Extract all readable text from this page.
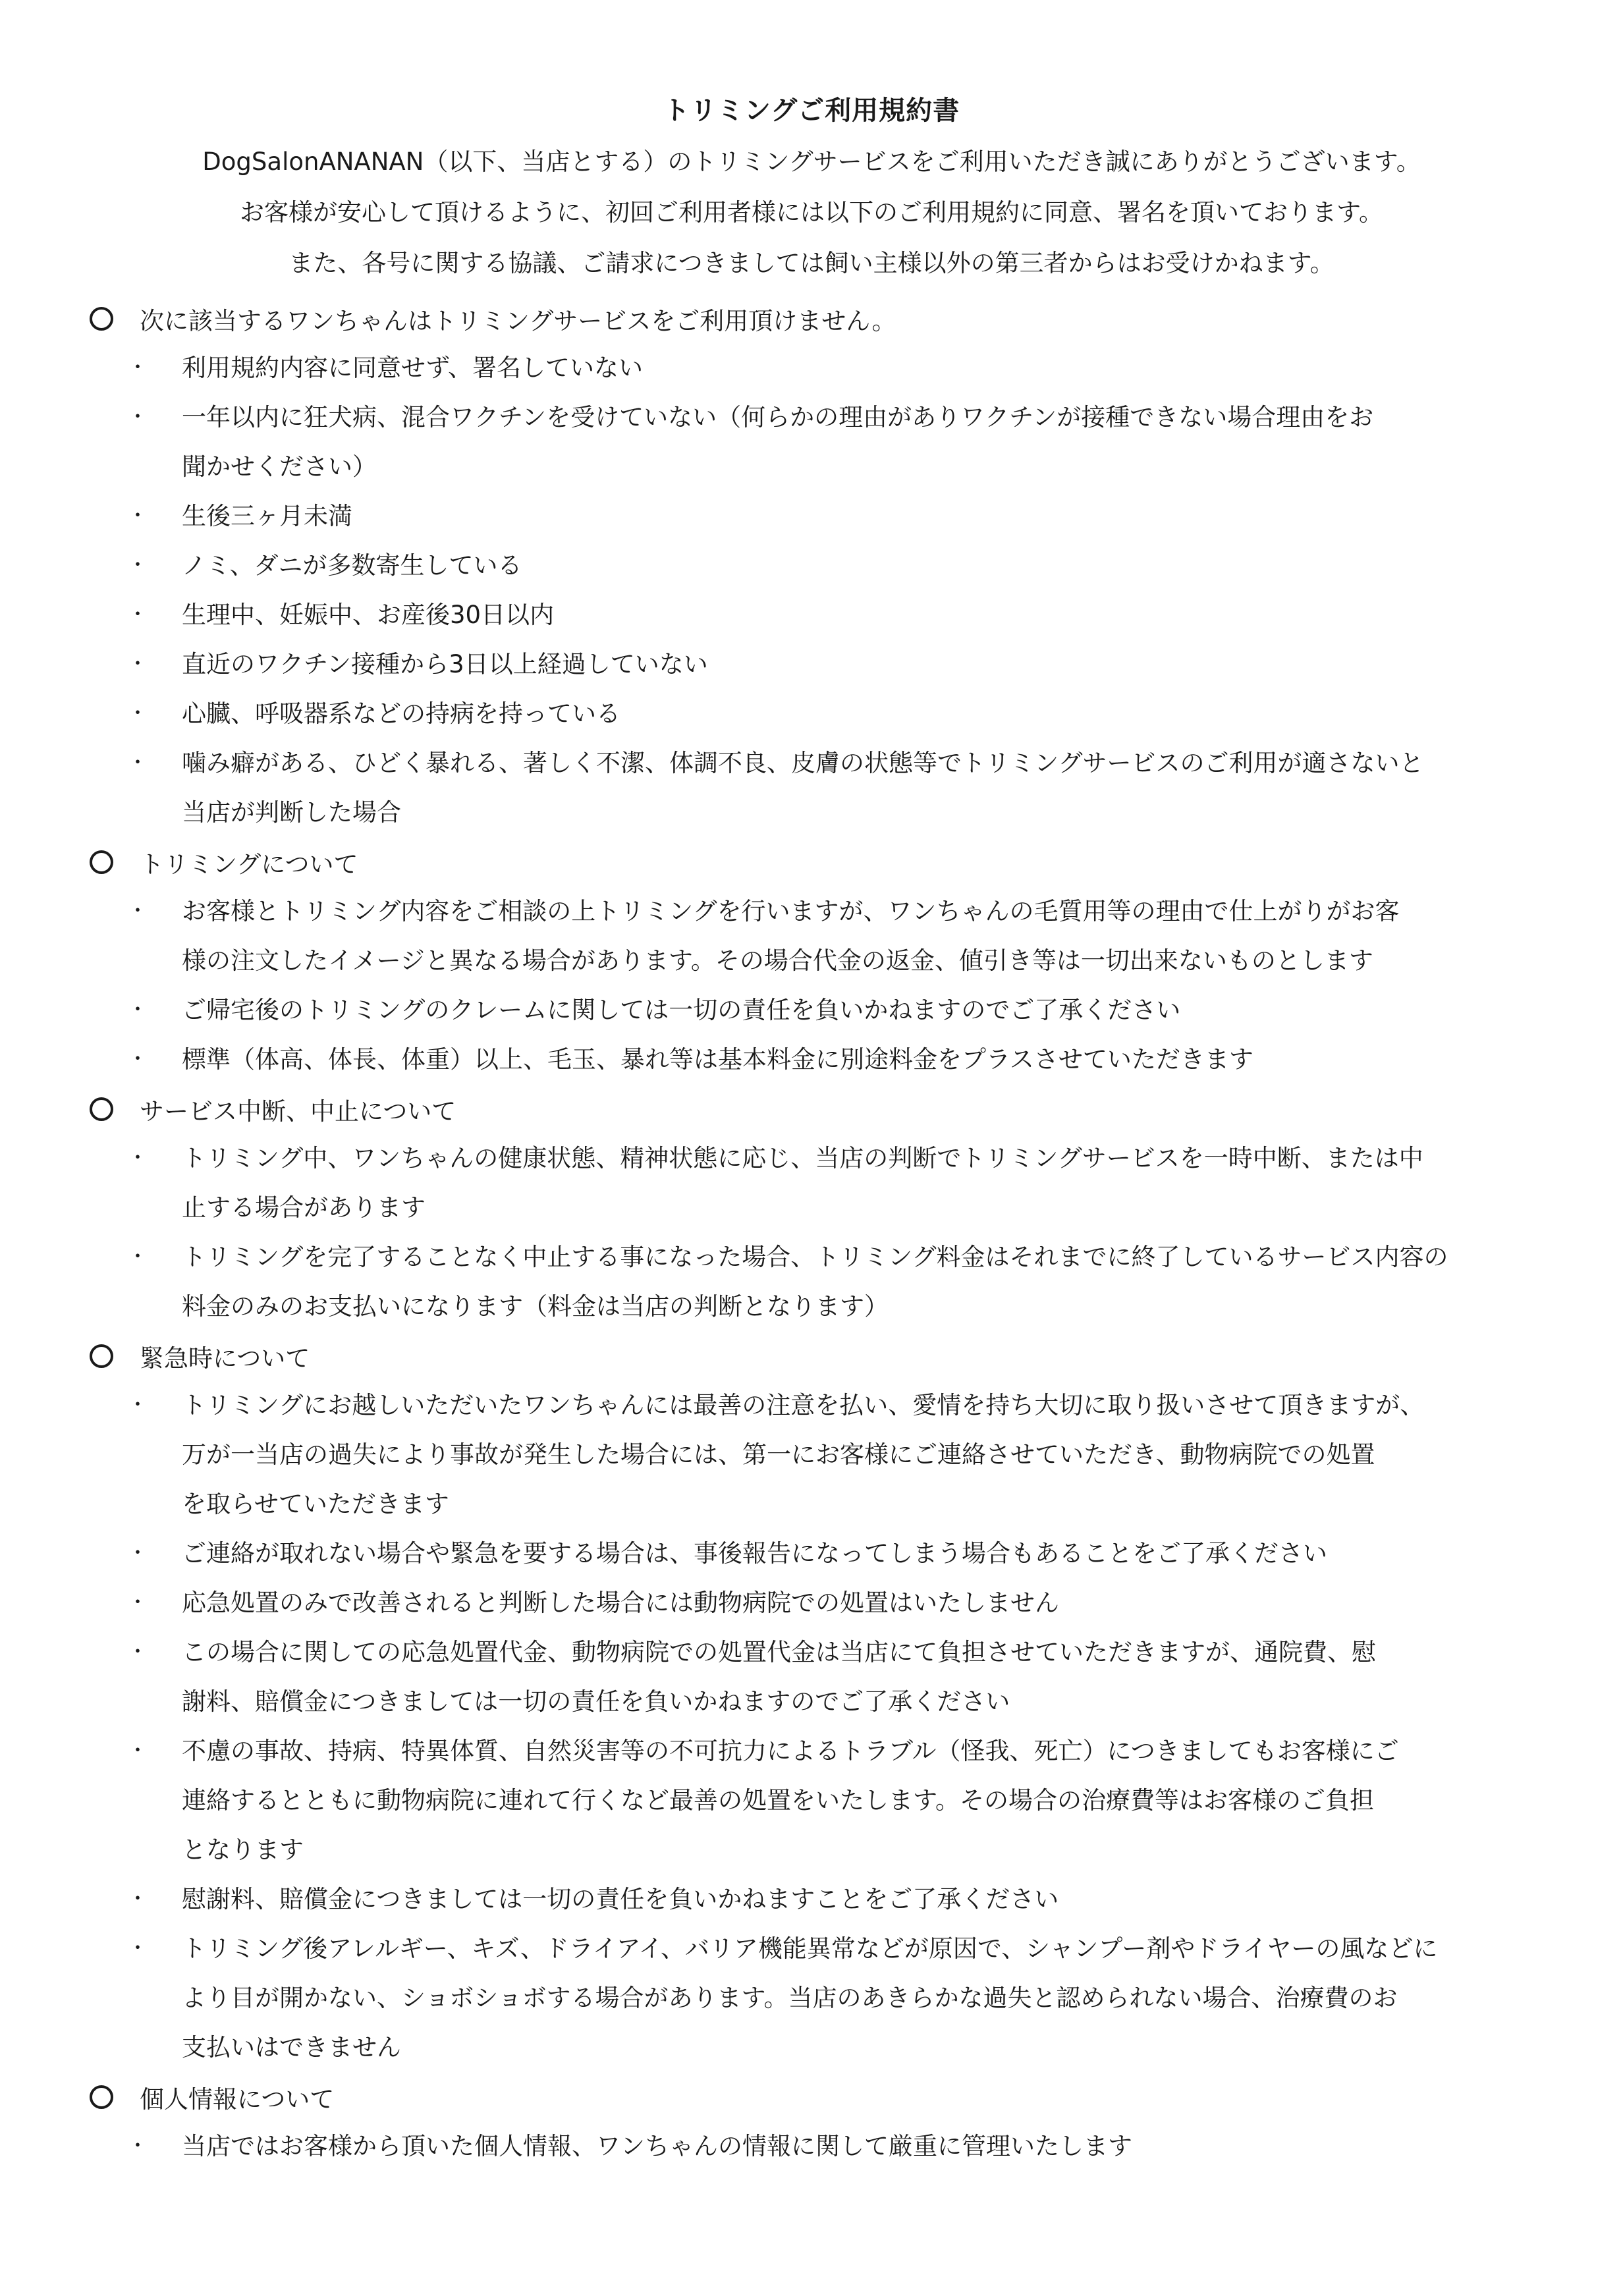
トリミングご利用規約書
DogSalonANANAN（以下、当店とする）のトリミングサービスをご利用いただき誠にありがとうございます。
お客様が安心して頂けるように、初回ご利用者様には以下のご利用規約に同意、署名を頂いております。
また、各号に関する協議、ご請求につきましては飼い主様以外の第三者からはお受けかねます。
次に該当するワンちゃんはトリミングサービスをご利用頂けません。
・ 利用規約内容に同意せず、署名していない
・ 一年以内に狂犬病、混合ワクチンを受けていない（何らかの理由がありワクチンが接種できない場合理由をお
聞かせください）
・ 生後三ヶ月未満
・ ノミ、ダニが多数寄生している
・ 生理中、妊娠中、お産後30日以内
・ 直近のワクチン接種から3日以上経過していない
・ 心臓、呼吸器系などの持病を持っている
・ 噛み癖がある、ひどく暴れる、著しく不潔、体調不良、皮膚の状態等でトリミングサービスのご利用が適さないと
当店が判断した場合
トリミングについて
・ お客様とトリミング内容をご相談の上トリミングを行いますが、ワンちゃんの毛質用等の理由で仕上がりがお客
様の注文したイメージと異なる場合があります。その場合代金の返金、値引き等は一切出来ないものとします
・ ご帰宅後のトリミングのクレームに関しては一切の責任を負いかねますのでご了承ください
・ 標準（体高、体長、体重）以上、毛玉、暴れ等は基本料金に別途料金をプラスさせていただきます
サービス中断、中止について
・ トリミング中、ワンちゃんの健康状態、精神状態に応じ、当店の判断でトリミングサービスを一時中断、または中
止する場合があります
・ トリミングを完了することなく中止する事になった場合、トリミング料金はそれまでに終了しているサービス内容の
料金のみのお支払いになります（料金は当店の判断となります）
緊急時について
・ トリミングにお越しいただいたワンちゃんには最善の注意を払い、愛情を持ち大切に取り扱いさせて頂きますが、
万が一当店の過失により事故が発生した場合には、第一にお客様にご連絡させていただき、動物病院での処置
を取らせていただきます
・ ご連絡が取れない場合や緊急を要する場合は、事後報告になってしまう場合もあることをご了承ください
・ 応急処置のみで改善されると判断した場合には動物病院での処置はいたしません
・ この場合に関しての応急処置代金、動物病院での処置代金は当店にて負担させていただきますが、通院費、慰
謝料、賠償金につきましては一切の責任を負いかねますのでご了承ください
・ 不慮の事故、持病、特異体質、自然災害等の不可抗力によるトラブル（怪我、死亡）につきましてもお客様にご
連絡するとともに動物病院に連れて行くなど最善の処置をいたします。その場合の治療費等はお客様のご負担
となります
・ 慰謝料、賠償金につきましては一切の責任を負いかねますことをご了承ください
・ トリミング後アレルギー、キズ、ドライアイ、バリア機能異常などが原因で、シャンプー剤やドライヤーの風などに
より目が開かない、ショボショボする場合があります。当店のあきらかな過失と認められない場合、治療費のお
支払いはできません
個人情報について
・ 当店ではお客様から頂いた個人情報、ワンちゃんの情報に関して厳重に管理いたします
